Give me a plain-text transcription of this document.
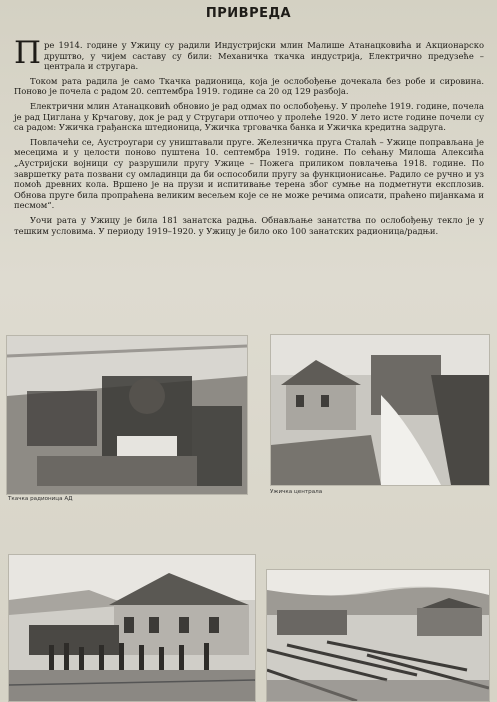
ПРИВРЕДА

Пре 1914. године у Ужицу су радили Индустријски млин Малише Атанацковића и Акционарско друштво, у чијем саставу су били: Механичка ткачка индустрија, Електрично предузеће – централа и стругара.

Током рата радила је само Ткачка радионица, која је ослобођење дочекала без робе и сировина. Поново је почела с радом 20. септембра 1919. године са 20 од 129 разбоја.

Електрични млин Атанацковић обновио је рад одмах по ослобођењу. У пролеће 1919. године, почела је рад Циглана у Крчагову, док је рад у Стругари отпочео у пролеће 1920. У лето исте године почели су са радом: Ужичка грађанска штедионица, Ужичка трговачка банка и Ужичка кредитна задруга.

Повлачећи се, Аустроугари су уништавали пруге. Железничка пруга Сталаћ – Ужице поправљана је месецима и у целости поново пуштена 10. септембра 1919. године. По сећању Милоша Алексића „Аустријски војници су разрушили пругу Ужице – Пожега приликом повлачења 1918. године. По завршетку рата позвани су омладинци да би оспособили пругу за функционисање. Радило се ручно и уз помоћ древних кола. Вршено је на прузи и испитивање терена због сумње на подметнути експлозив. Обнова пруге била пропраћена великим весељем које се не може речима описати, праћено пијанкама и песмом“.

Уочи рата у Ужицу је била 181 занатска радња. Обнављање занатства по ослобођењу текло је у тешким условима. У периоду 1919–1920. у Ужицу је било око 100 занатских радионица/радњи.

Ткачка радионица АД
Ужичка централа
